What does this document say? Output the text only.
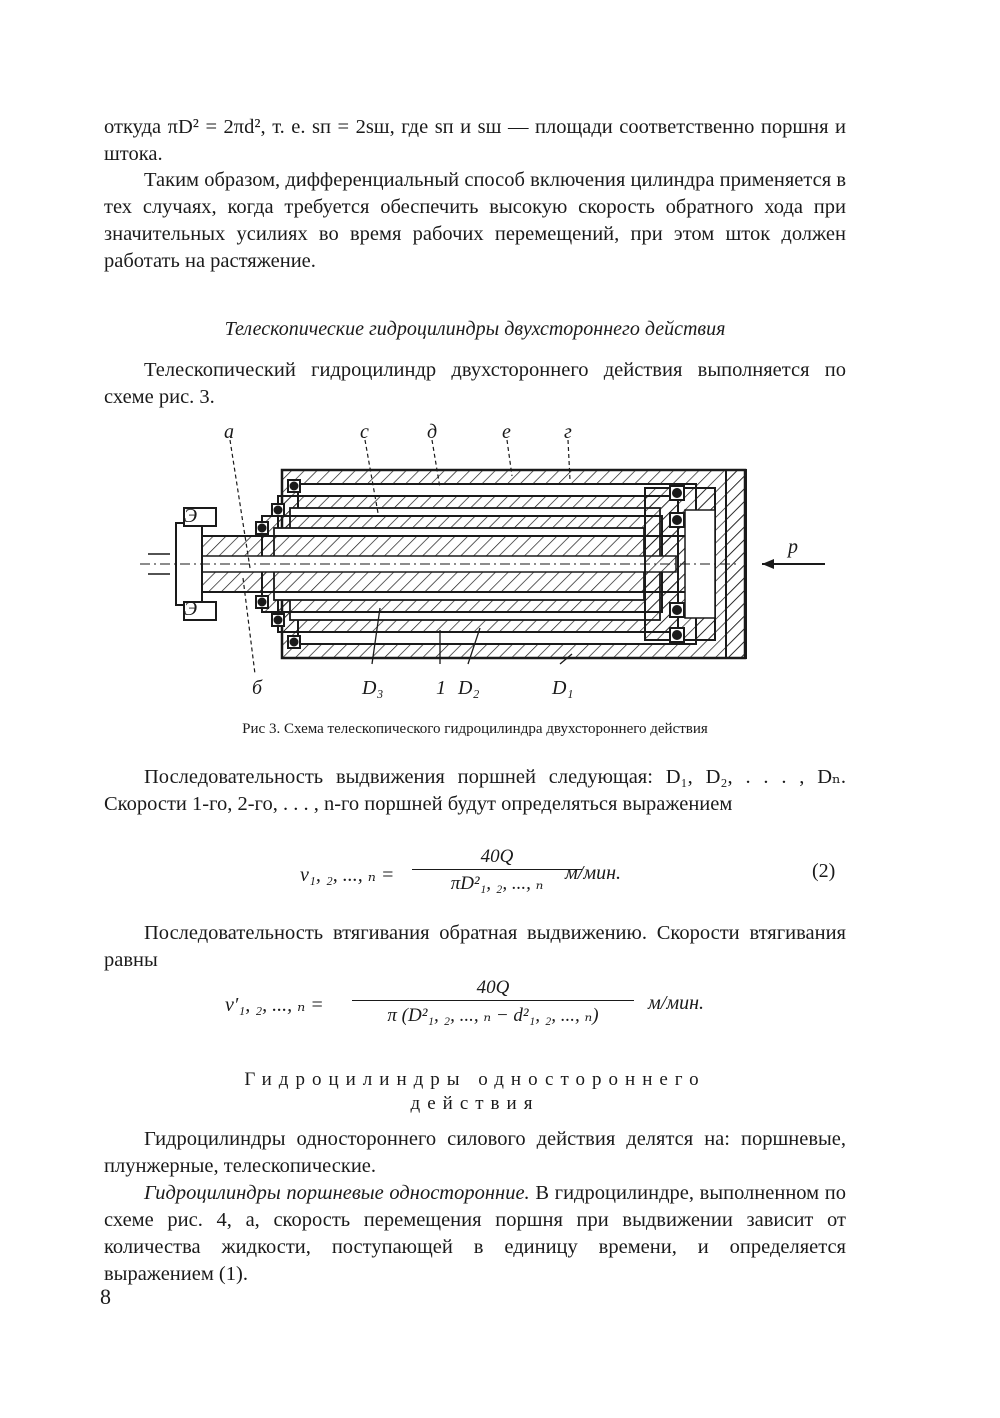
откуда πD² = 2πd², т. е. sп = 2sш, где sп и sш — площади соответственно поршня и штока.

Таким образом, дифференциальный способ включения цилиндра применяется в тех случаях, когда требуется обеспечить высокую скорость обратного хода при значительных усилиях во время рабочих перемещений, при этом шток должен работать на растяжение.

Телескопические гидроцилиндры двухстороннего действия

Телескопический гидроцилиндр двухстороннего действия выполняется по схеме рис. 3.

Э
Э
p
а	с	д	е	г
б	D₃	1 D₂	D₁

Рис 3. Схема телескопического гидроцилиндра двухстороннего действия

Последовательность выдвижения поршней следующая: D₁, D₂, . . . , Dₙ. Скорости 1-го, 2-го, . . . , n-го поршней будут определяться выражением

v₁, ₂, ..., ₙ =
40Q
πD²₁, ₂, ..., ₙ	м/мин.	(2)

Последовательность втягивания обратная выдвижению. Скорости втягивания равны

v′₁, ₂, ..., ₙ =
40Q
π (D²₁, ₂, ..., ₙ − d²₁, ₂, ..., ₙ)
м/мин.

Гидроцилиндры одностороннего

действия

Гидроцилиндры одностороннего силового действия делятся на: поршневые, плунжерные, телескопические.

Гидроцилиндры поршневые односторонние. В гидроцилиндре, выполненном по схеме рис. 4, а, скорость перемещения поршня при выдвижении зависит от количества жидкости, поступающей в единицу времени, и определяется выражением (1).

8
